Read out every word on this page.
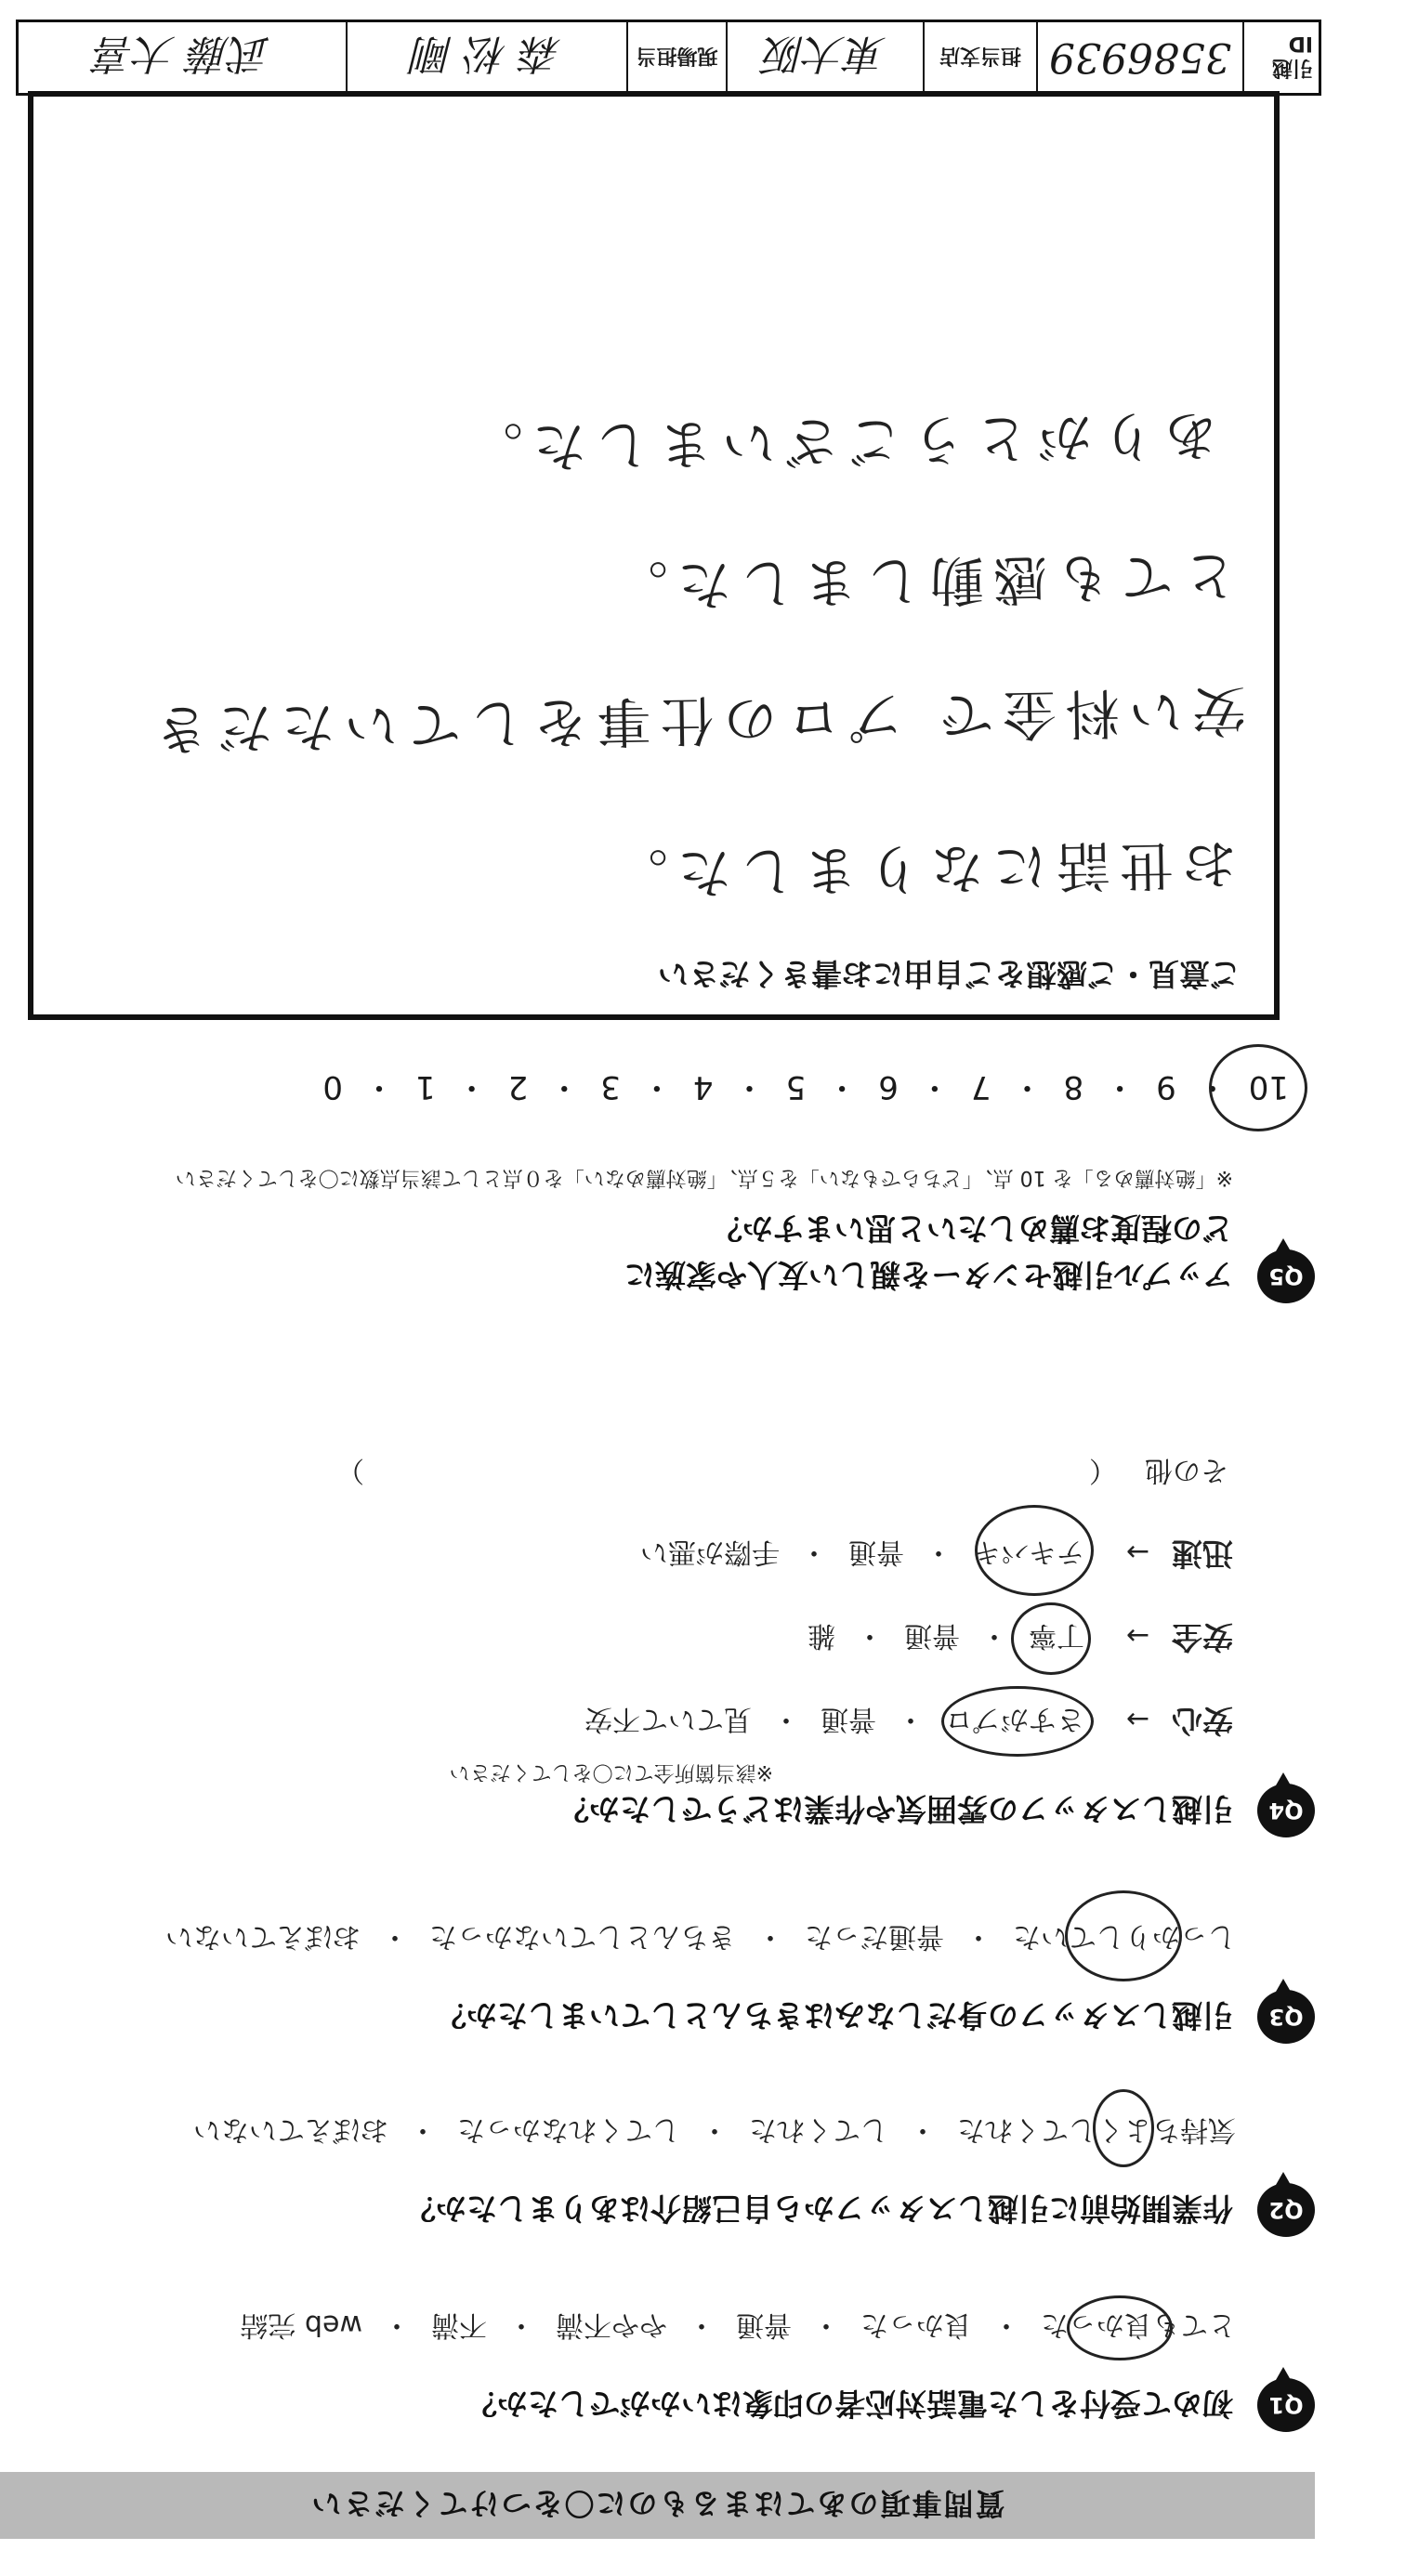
質問事項のあてはまるものに〇をつけてください
Q1
初めて受付をした電話対応者の印象はいかがでしたか？
とても良かった・良かった・普通・やや不満・不満・web 完結
Q2
作業開始前に引越しスタッフから自己紹介はありましたか？
気持ちよくしてくれた・してくれた・してくれなかった・おぼえていない
Q3
引越しスタッフの身だしなみはきちんとしていましたか？
しっかりしていた・普通だった・きちんとしていなかった・おぼえていない
Q4
引越しスタッフの雰囲気や作業はどうでしたか？
※該当箇所全てに〇をしてください
安心→さすがプロ・普通・見ていて不安
安全→丁寧・普通・雑
迅速→テキパキ・普通・手際が悪い
その他（）
Q5
アップル引越センターを親しい友人や家族に
どの程度お薦めしたいと思いますか？
※「絶対薦める」を 10 点、「どちらでもない」を５点、「絶対薦めない」を０点として該当点数に〇をしてください
10・9・8・7・6・5・4・3・2・1・0
ご意見・ご感想をご自由にお書きください
お世話になりました。
安い料金で プロの仕事をしていただき
とても感動しました。
ありがとうございました。
引越ID
3586939
担当支店
東大阪
現場担当
森 松 剛
武藤 大喜
